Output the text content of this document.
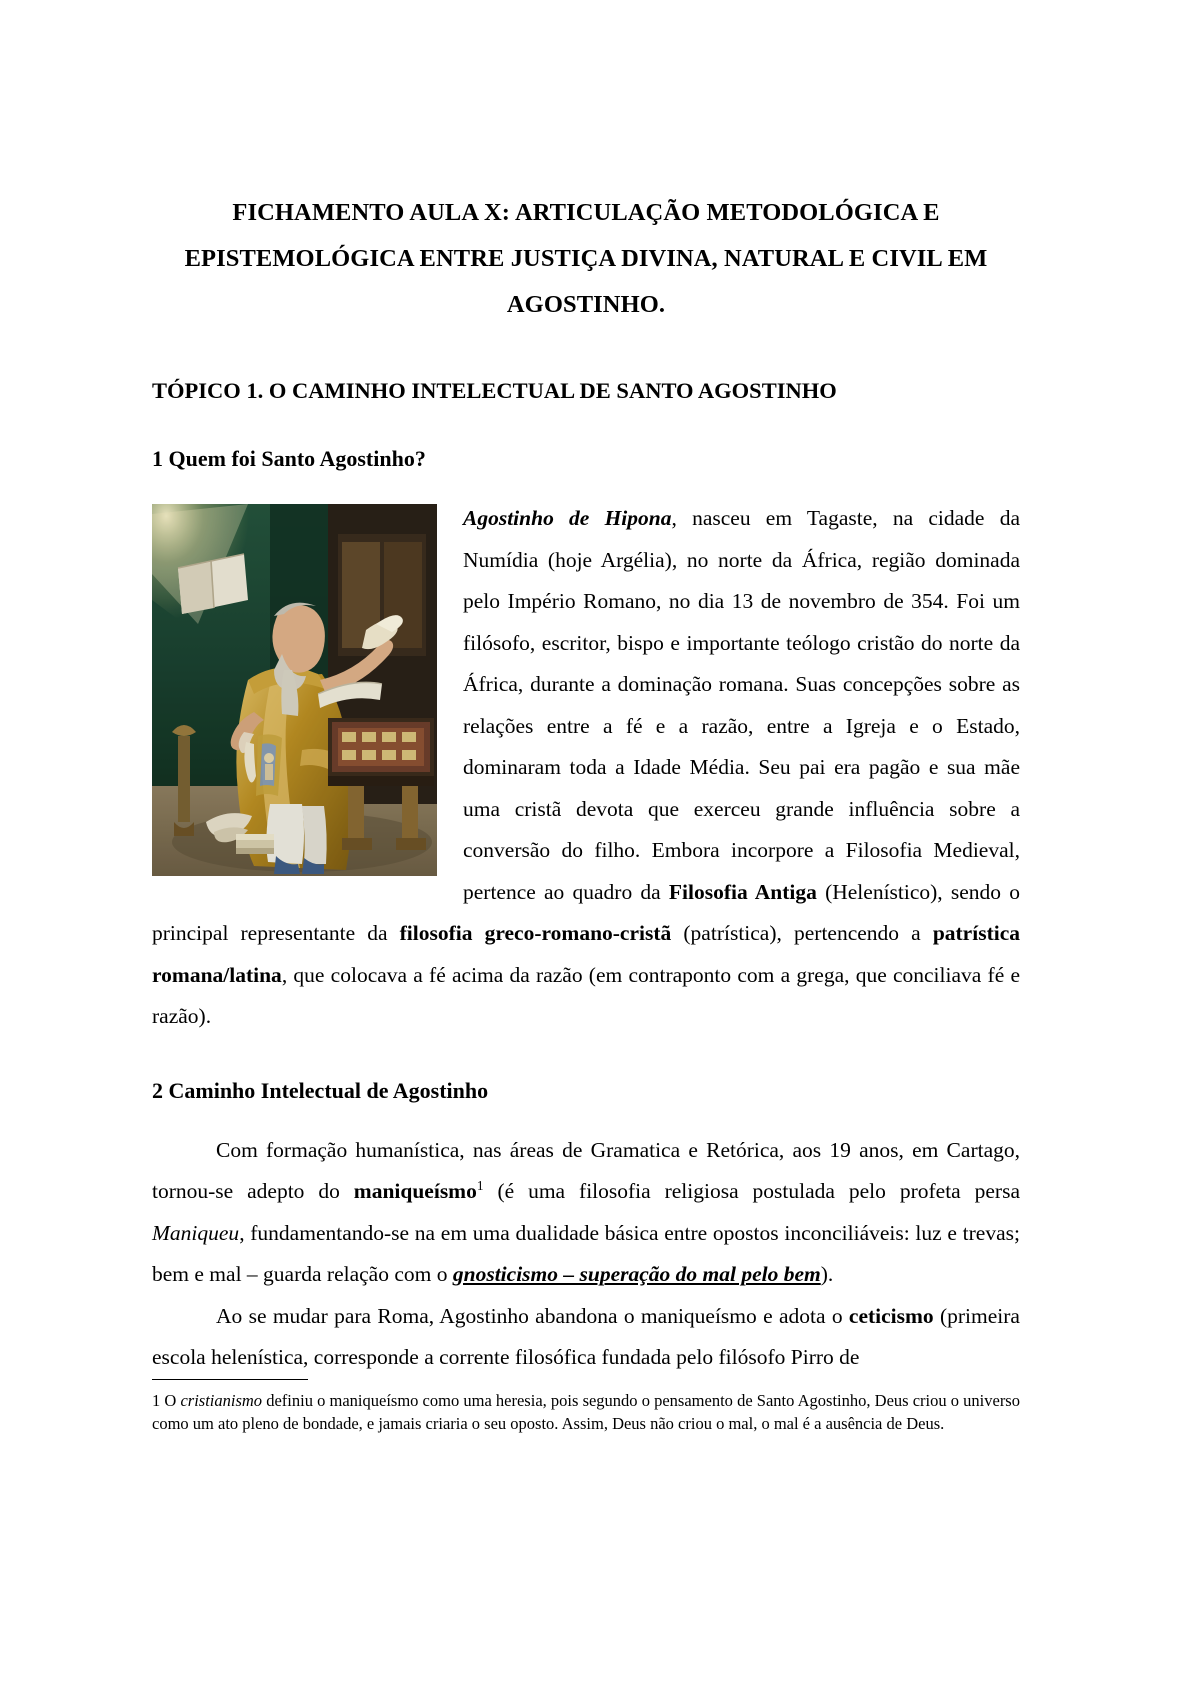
FICHAMENTO AULA X: ARTICULAÇÃO METODOLÓGICA E EPISTEMOLÓGICA ENTRE JUSTIÇA DIVINA, NATURAL E CIVIL EM AGOSTINHO.
TÓPICO 1. O CAMINHO INTELECTUAL DE SANTO AGOSTINHO
1 Quem foi Santo Agostinho?

Agostinho de Hipona, nasceu em Tagaste, na cidade da Numídia (hoje Argélia), no norte da África, região dominada pelo Império Romano, no dia 13 de novembro de 354. Foi um filósofo, escritor, bispo e importante teólogo cristão do norte da África, durante a dominação romana. Suas concepções sobre as relações entre a fé e a razão, entre a Igreja e o Estado, dominaram toda a Idade Média. Seu pai era pagão e sua mãe uma cristã devota que exerceu grande influência sobre a conversão do filho. Embora incorpore a Filosofia Medieval, pertence ao quadro da Filosofia Antiga (Helenístico), sendo o principal representante da filosofia greco-romano-cristã (patrística), pertencendo a patrística romana/latina, que colocava a fé acima da razão (em contraponto com a grega, que conciliava fé e razão).

2 Caminho Intelectual de Agostinho

Com formação humanística, nas áreas de Gramatica e Retórica, aos 19 anos, em Cartago, tornou-se adepto do maniqueísmo$^1$ (é uma filosofia religiosa postulada pelo profeta persa Maniqueu, fundamentando-se na em uma dualidade básica entre opostos inconciliáveis: luz e trevas; bem e mal – guarda relação com o gnosticismo – superação do mal pelo bem).

Ao se mudar para Roma, Agostinho abandona o maniqueísmo e adota o ceticismo (primeira escola helenística, corresponde a corrente filosófica fundada pelo filósofo Pirro de

1 O cristianismo definiu o maniqueísmo como uma heresia, pois segundo o pensamento de Santo Agostinho, Deus criou o universo como um ato pleno de bondade, e jamais criaria o seu oposto. Assim, Deus não criou o mal, o mal é a ausência de Deus.
